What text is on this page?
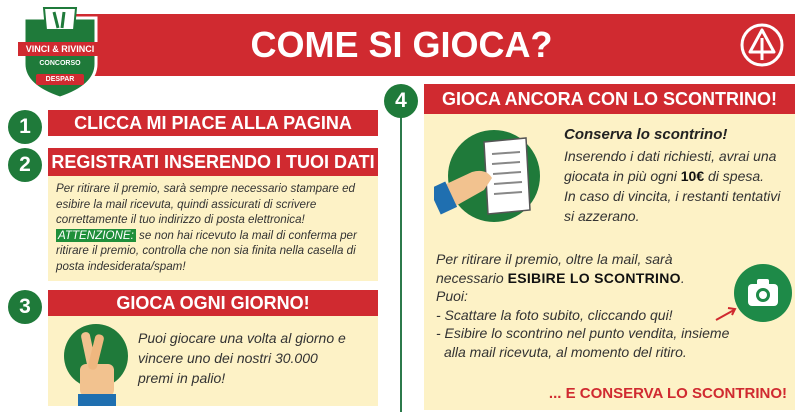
COME SI GIOCA?
VINCI & RIVINCI
CONCORSO
DESPAR
1	CLICCA MI PIACE ALLA PAGINA
2	REGISTRATI INSERENDO I TUOI DATI

Per ritirare il premio, sarà sempre necessario stampare ed esibire la mail ricevuta, quindi assicurati di scrivere correttamente il tuo indirizzo di posta elettronica! ATTENZIONE: se non hai ricevuto la mail di conferma per ritirare il premio, controlla che non sia finita nella casella di posta indesiderata/spam!

3	GIOCA OGNI GIORNO!

Puoi giocare una volta al giorno e vincere uno dei nostri 30.000 premi in palio!

4	GIOCA ANCORA CON LO SCONTRINO!

Conserva lo scontrino!

Inserendo i dati richiesti, avrai una giocata in più ogni 10€ di spesa.
In caso di vincita, i restanti tentativi si azzerano.

Per ritirare il premio, oltre la mail, sarà necessario ESIBIRE LO SCONTRINO.
Puoi:
- Scattare la foto subito, cliccando qui!

- Esibire lo scontrino nel punto vendita, insieme alla mail ricevuta, al momento del ritiro.

... E CONSERVA LO SCONTRINO!
